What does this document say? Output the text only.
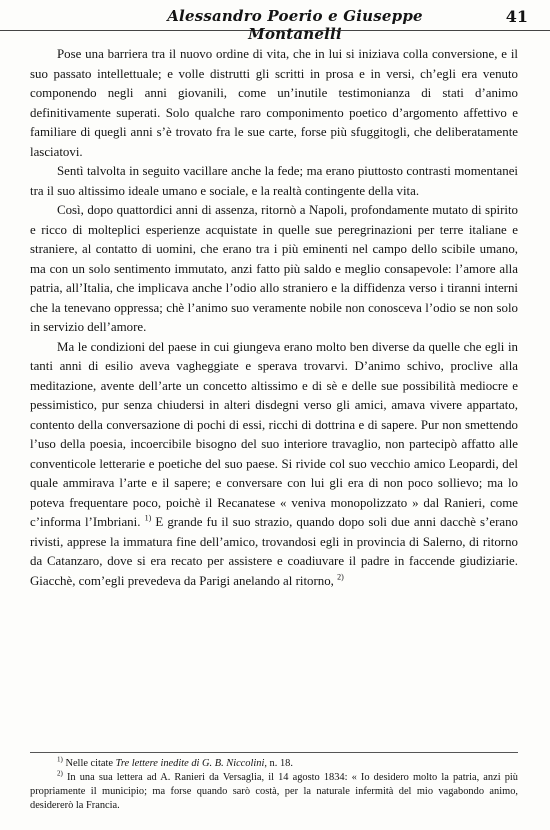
Alessandro Poerio e Giuseppe Montanelli
41

Pose una barriera tra il nuovo ordine di vita, che in lui si iniziava colla conversione, e il suo passato intellettuale; e volle distrutti gli scritti in prosa e in versi, ch’egli era venuto componendo negli anni giovanili, come un’inutile testimonianza di stati d’animo definitivamente superati. Solo qualche raro componimento poetico d’argomento affettivo e familiare di quegli anni s’è trovato fra le sue carte, forse più sfuggitogli, che deliberatamente lasciatovi.

Sentì talvolta in seguito vacillare anche la fede; ma erano piuttosto contrasti momentanei tra il suo altissimo ideale umano e sociale, e la realtà contingente della vita.

Così, dopo quattordici anni di assenza, ritornò a Napoli, profondamente mutato di spirito e ricco di molteplici esperienze acquistate in quelle sue peregrinazioni per terre italiane e straniere, al contatto di uomini, che erano tra i più eminenti nel campo dello scibile umano, ma con un solo sentimento immutato, anzi fatto più saldo e meglio consapevole: l’amore alla patria, all’Italia, che implicava anche l’odio allo straniero e la diffidenza verso i tiranni interni che la tenevano oppressa; chè l’animo suo veramente nobile non conosceva l’odio se non solo in servizio dell’amore.

Ma le condizioni del paese in cui giungeva erano molto ben diverse da quelle che egli in tanti anni di esilio aveva vagheggiate e sperava trovarvi. D’animo schivo, proclive alla meditazione, avente dell’arte un concetto altissimo e di sè e delle sue possibilità mediocre e pessimistico, pur senza chiudersi in alteri disdegni verso gli amici, amava vivere appartato, contento della conversazione di pochi di essi, ricchi di dottrina e di sapere. Pur non smettendo l’uso della poesia, incoercibile bisogno del suo interiore travaglio, non partecipò affatto alle conventicole letterarie e poetiche del suo paese. Si rivide col suo vecchio amico Leopardi, del quale ammirava l’arte e il sapere; e conversare con lui gli era di non poco sollievo; ma lo poteva frequentare poco, poichè il Recanatese « veniva monopolizzato » dal Ranieri, come c’informa l’Imbriani. $^{1)}$ E grande fu il suo strazio, quando dopo soli due anni dacchè s’erano rivisti, apprese la immatura fine dell’amico, trovandosi egli in provincia di Salerno, di ritorno da Catanzaro, dove si era recato per assistere e coadiuvare il padre in faccende giudiziarie. Giacchè, com’egli prevedeva da Parigi anelando al ritorno, $^{2)}$

$^{1)}$ Nelle citate Tre lettere inedite di G. B. Niccolini, n. 18.

$^{2)}$ In una sua lettera ad A. Ranieri da Versaglia, il 14 agosto 1834: « Io desidero molto la patria, anzi più propriamente il municipio; ma forse quando sarò costà, per la naturale infermità del mio vagabondo animo, desidererò la Francia.
